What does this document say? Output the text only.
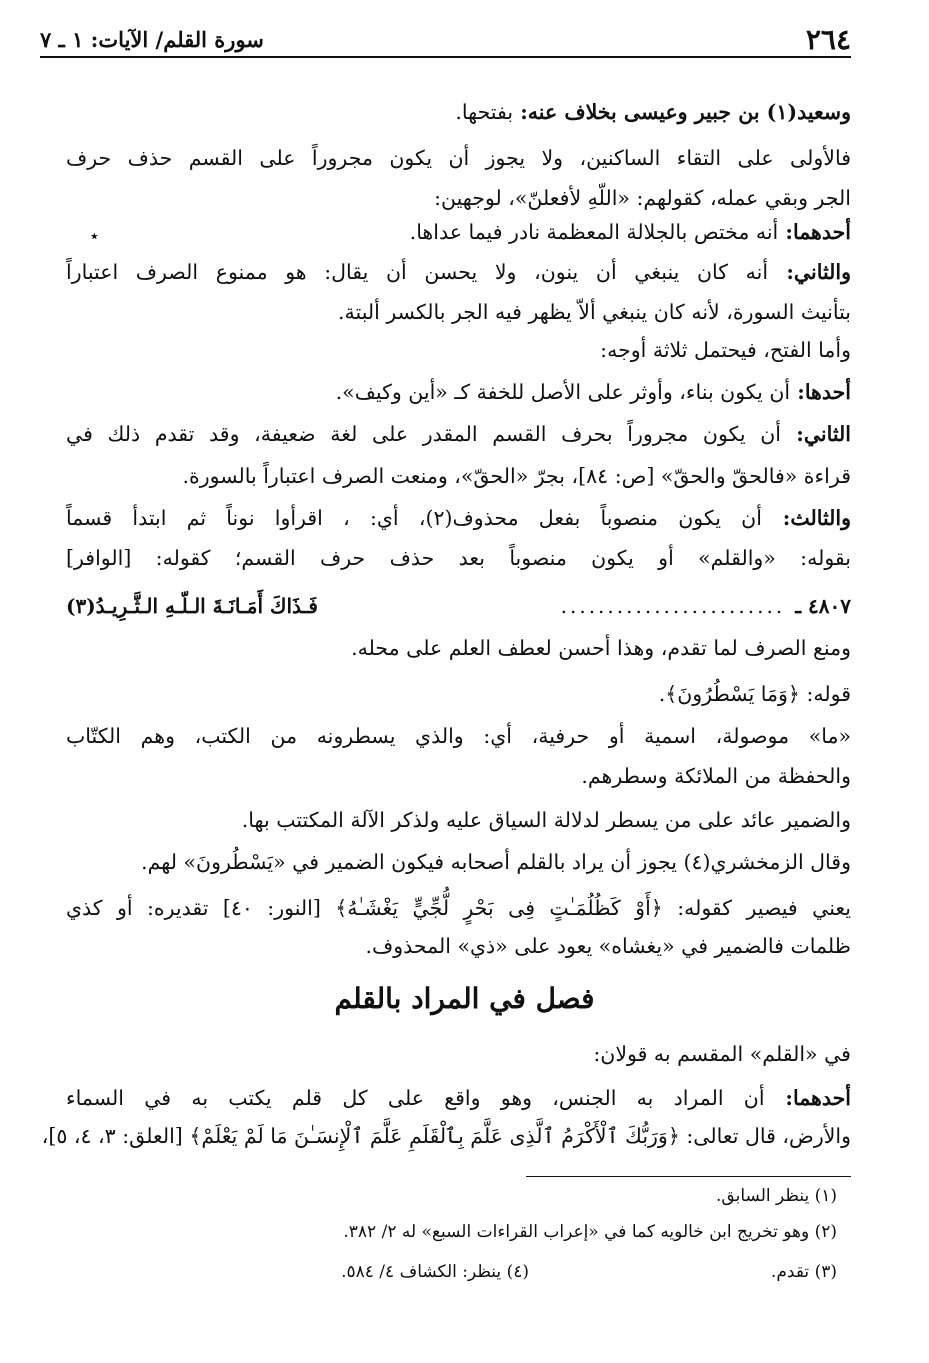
٢٦٤
سورة القلم/ الآيات: ١ ـ ٧
وسعيد(١) بن جبير وعيسى بخلاف عنه: بفتحها.
فالأولى على التقاء الساكنين، ولا يجوز أن يكون مجروراً على القسم حذف حرف
الجر وبقي عمله، كقولهم: «اللّهِ لأفعلنّ»، لوجهين:
أحدهما: أنه مختص بالجلالة المعظمة نادر فيما عداها.
والثاني: أنه كان ينبغي أن ينون، ولا يحسن أن يقال: هو ممنوع الصرف اعتباراً
بتأنيث السورة، لأنه كان ينبغي ألاّ يظهر فيه الجر بالكسر ألبتة.
وأما الفتح، فيحتمل ثلاثة أوجه:
أحدها: أن يكون بناء، وأوثر على الأصل للخفة كـ «أين وكيف».
الثاني: أن يكون مجروراً بحرف القسم المقدر على لغة ضعيفة، وقد تقدم ذلك في
قراءة «فالحقّ والحقّ» [ص: ٨٤]، بجرّ «الحقّ»، ومنعت الصرف اعتباراً بالسورة.
والثالث: أن يكون منصوباً بفعل محذوف(٢)، أي: ، اقرأوا نوناً ثم ابتدأ قسماً
بقوله: «والقلم» أو يكون منصوباً بعد حذف حرف القسم؛ كقوله: [الوافر]
٤٨٠٧ ـ
........................
فَـذَاكَ أَمَـانَـةَ الـلّـهِ الـثَّـرِيـدُ(٣)
ومنع الصرف لما تقدم، وهذا أحسن لعطف العلم على محله.
قوله: ﴿وَمَا يَسْطُرُونَ﴾.
«ما» موصولة، اسمية أو حرفية، أي: والذي يسطرونه من الكتب، وهم الكتّاب
والحفظة من الملائكة وسطرهم.
والضمير عائد على من يسطر لدلالة السياق عليه ولذكر الآلة المكتتب بها.
وقال الزمخشري(٤) يجوز أن يراد بالقلم أصحابه فيكون الضمير في «يَسْطُرونَ» لهم.
يعني فيصير كقوله: ﴿أَوْ كَظُلُمَـٰتٍ فِى بَحْرٍ لُّجِّيٍّ يَغْشَـٰهُ﴾ [النور: ٤٠] تقديره: أو كذي
ظلمات فالضمير في «يغشاه» يعود على «ذي» المحذوف.
فصل في المراد بالقلم
في «القلم» المقسم به قولان:
أحدهما: أن المراد به الجنس، وهو واقع على كل قلم يكتب به في السماء
والأرض، قال تعالى: ﴿وَرَبُّكَ ٱلْأَكْرَمُ ٱلَّذِى عَلَّمَ بِٱلْقَلَمِ عَلَّمَ ٱلْإِنسَـٰنَ مَا لَمْ يَعْلَمْ﴾ [العلق: ٣، ٤، ٥]،
(١) ينظر السابق.
(٢) وهو تخريج ابن خالويه كما في «إعراب القراءات السبع» له ٢/ ٣٨٢.
(٣) تقدم.
(٤) ينظر: الكشاف ٤/ ٥٨٤.
٭
